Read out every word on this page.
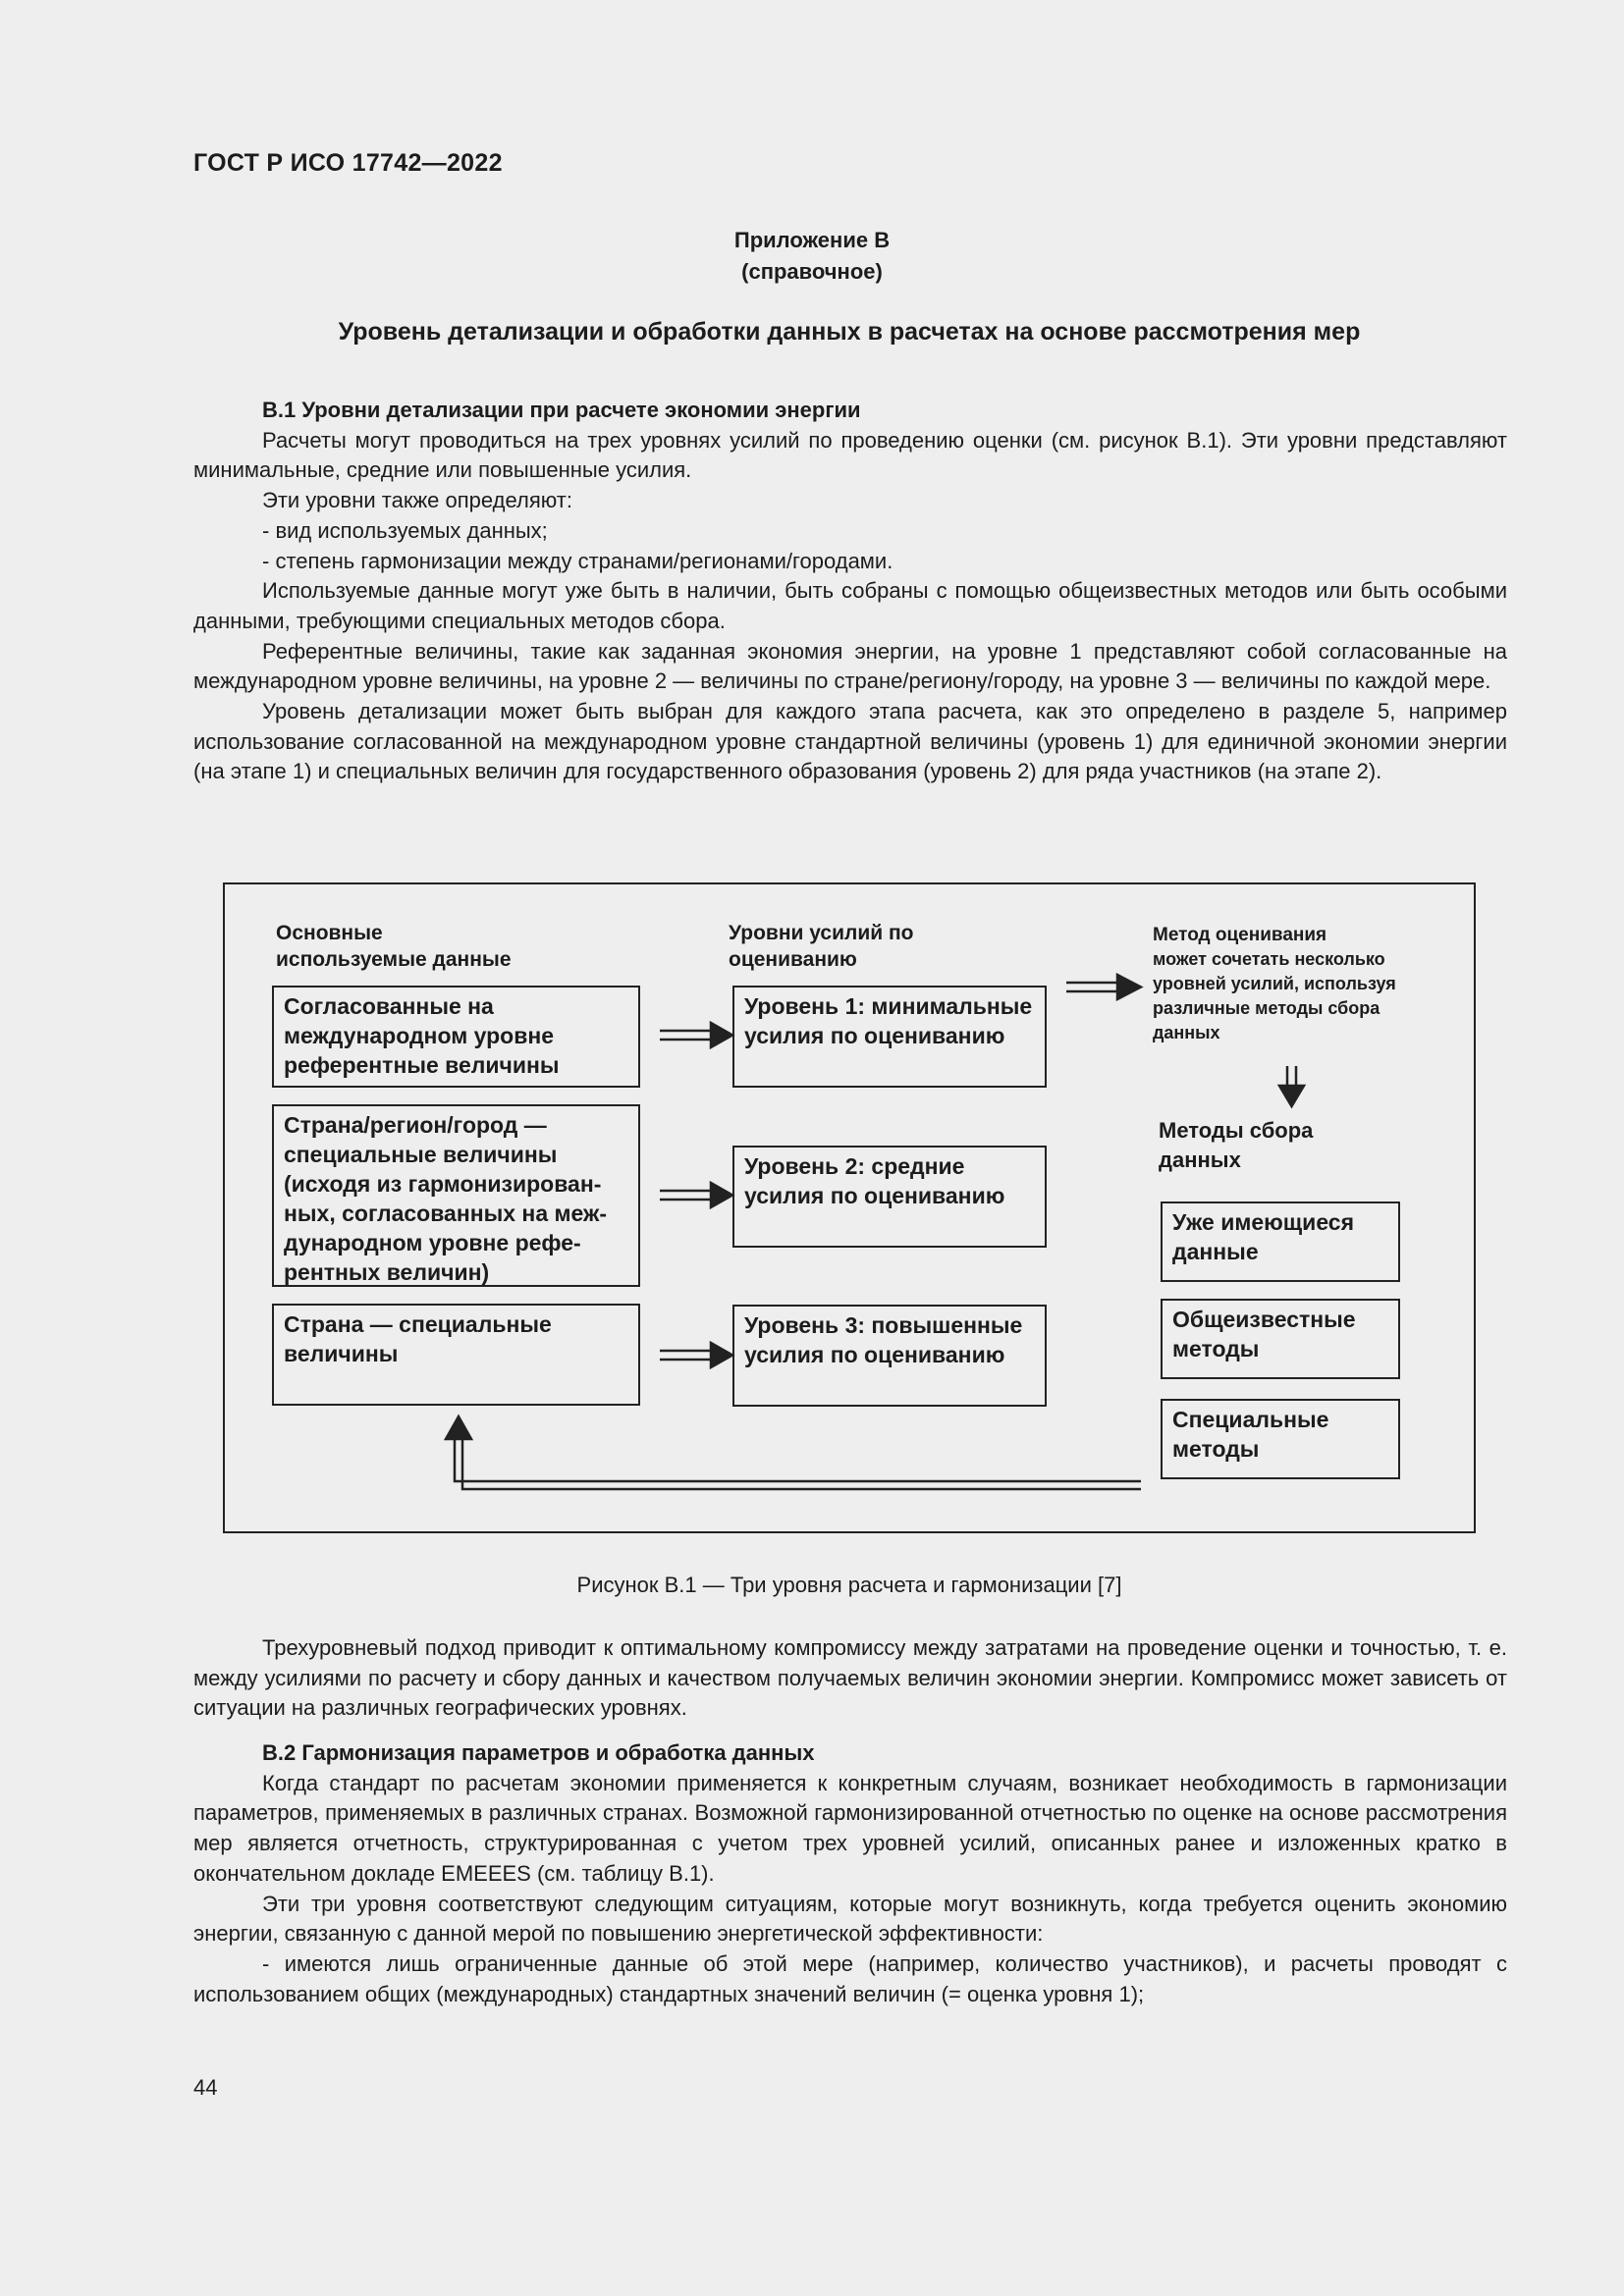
ГОСТ Р ИСО 17742—2022
Приложение В
(справочное)
Уровень детализации и обработки данных в расчетах на основе рассмотрения мер

В.1 Уровни детализации при расчете экономии энергии

Расчеты могут проводиться на трех уровнях усилий по проведению оценки (см. рисунок В.1). Эти уровни представляют минимальные, средние или повышенные усилия.

Эти уровни также определяют:

- вид используемых данных;

- степень гармонизации между странами/регионами/городами.

Используемые данные могут уже быть в наличии, быть собраны с помощью общеизвестных методов или быть особыми данными, требующими специальных методов сбора.

Референтные величины, такие как заданная экономия энергии, на уровне 1 представляют собой согласованные на международном уровне величины, на уровне 2 — величины по стране/региону/городу, на уровне 3 — величины по каждой мере.

Уровень детализации может быть выбран для каждого этапа расчета, как это определено в разделе 5, например использование согласованной на международном уровне стандартной величины (уровень 1) для единичной экономии энергии (на этапе 1) и специальных величин для государственного образования (уровень 2) для ряда участников (на этапе 2).

Основные
используемые данные
Уровни усилий по
оцениванию
Метод оценивания
может сочетать несколько
уровней усилий, используя
различные методы сбора
данных
Методы сбора
данных
Согласованные на
международном уровне
референтные величины
Страна/регион/город —
специальные величины
(исходя из гармонизирован-
ных, согласованных на меж-
дународном уровне рефе-
рентных величин)
Страна — специальные
величины
Уровень 1: минимальные
усилия по оцениванию
Уровень 2: средние
усилия по оцениванию
Уровень 3: повышенные
усилия по оцениванию
Уже имеющиеся
данные
Общеизвестные
методы
Специальные
методы
Рисунок В.1 — Три уровня расчета и гармонизации [7]

Трехуровневый подход приводит к оптимальному компромиссу между затратами на проведение оценки и точностью, т. е. между усилиями по расчету и сбору данных и качеством получаемых величин экономии энергии. Компромисс может зависеть от ситуации на различных географических уровнях.

В.2 Гармонизация параметров и обработка данных

Когда стандарт по расчетам экономии применяется к конкретным случаям, возникает необходимость в гармонизации параметров, применяемых в различных странах. Возможной гармонизированной отчетностью по оценке на основе рассмотрения мер является отчетность, структурированная с учетом трех уровней усилий, описанных ранее и изложенных кратко в окончательном докладе EMEEES (см. таблицу В.1).

Эти три уровня соответствуют следующим ситуациям, которые могут возникнуть, когда требуется оценить экономию энергии, связанную с данной мерой по повышению энергетической эффективности:

- имеются лишь ограниченные данные об этой мере (например, количество участников), и расчеты проводят с использованием общих (международных) стандартных значений величин (= оценка уровня 1);

44
